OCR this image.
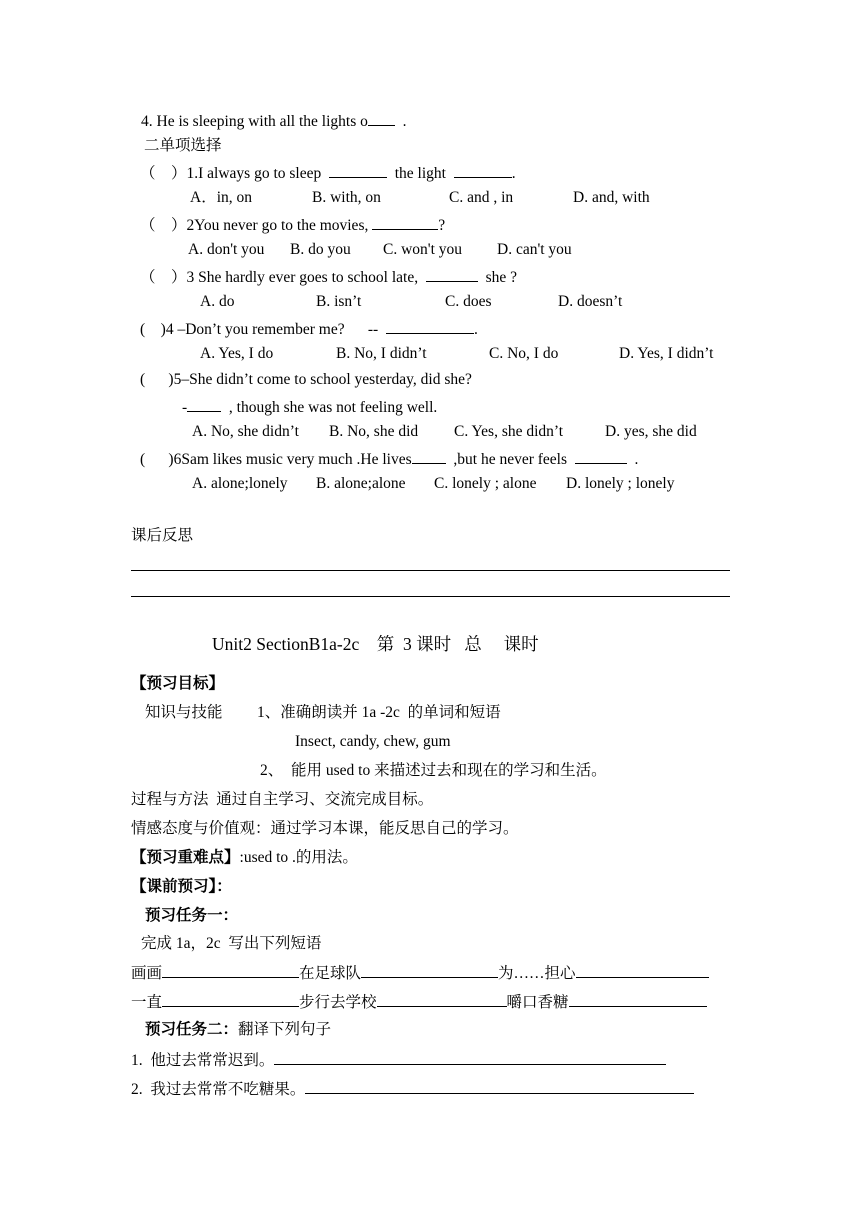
4. He is sleeping with all the lights o .
二单项选择
（    ）1.I always go to sleep	the light	.
A．in, on	B. with, on	C. and , in	D. and, with
（    ）2You never go to the movies,	?
A. don't you B. do you C. won't you D. can't you
（    ）3 She hardly ever goes to school late,	she ?
A. do	B. isn’t	C. does	D. doesn’t
(    )4 –Don’t you remember me? --	.
A. Yes, I do	B. No, I didn’t	C. No, I do	D. Yes, I didn’t
(      )5–She didn’t come to school yesterday, did she?
-	, though she was not feeling well.
A. No, she didn’t B. No, she did C. Yes, she didn’t	D. yes, she did
(      )6Sam likes music very much .He lives	,but he never feels	.
A. alone;lonely B. alone;alone C. lonely ; alone D. lonely ; lonely
课后反思
Unit2 SectionB1a-2c    第  3 课时   总     课时
【预习目标】
知识与技能 1、准确朗读并 1a -2c  的单词和短语
Insect, candy, chew, gum
2、  能用 used to 来描述过去和现在的学习和生活。
过程与方法  通过自主学习、交流完成目标。
情感态度与价值观：通过学习本课，能反思自己的学习。
【预习重难点】:used to .的用法。
【课前预习】：
预习任务一：
完成 1a，2c  写出下列短语
画画	在足球队	为……担心
一直	步行去学校	嚼口香糖
预习任务二：翻译下列句子
1.  他过去常常迟到。
2.  我过去常常不吃糖果。
